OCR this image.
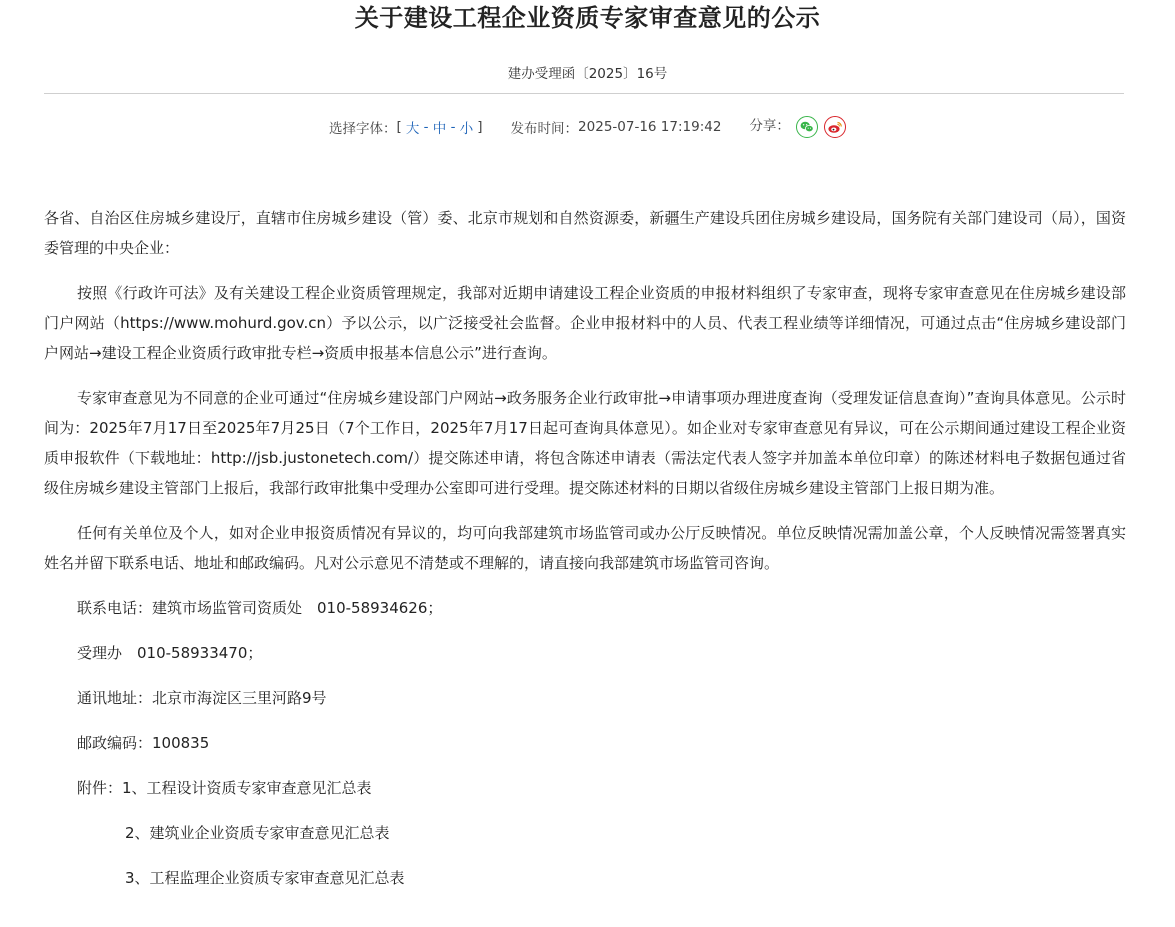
关于建设工程企业资质专家审查意见的公示
建办受理函〔2025〕16号
选择字体： [ 大 - 中 - 小 ] 发布时间： 2025-07-16 17:19:42 分享：

各省、自治区住房城乡建设厅，直辖市住房城乡建设（管）委、北京市规划和自然资源委，新疆生产建设兵团住房城乡建设局，国务院有关部门建设司（局），国资委管理的中央企业：

按照《行政许可法》及有关建设工程企业资质管理规定，我部对近期申请建设工程企业资质的申报材料组织了专家审查，现将专家审查意见在住房城乡建设部门户网站（https://www.mohurd.gov.cn）予以公示，以广泛接受社会监督。企业申报材料中的人员、代表工程业绩等详细情况，可通过点击“住房城乡建设部门户网站→建设工程企业资质行政审批专栏→资质申报基本信息公示”进行查询。

专家审查意见为不同意的企业可通过“住房城乡建设部门户网站→政务服务企业行政审批→申请事项办理进度查询（受理发证信息查询）”查询具体意见。公示时间为：2025年7月17日至2025年7月25日（7个工作日，2025年7月17日起可查询具体意见）。如企业对专家审查意见有异议，可在公示期间通过建设工程企业资质申报软件（下载地址：http://jsb.justonetech.com/）提交陈述申请，将包含陈述申请表（需法定代表人签字并加盖本单位印章）的陈述材料电子数据包通过省级住房城乡建设主管部门上报后，我部行政审批集中受理办公室即可进行受理。提交陈述材料的日期以省级住房城乡建设主管部门上报日期为准。

任何有关单位及个人，如对企业申报资质情况有异议的，均可向我部建筑市场监管司或办公厅反映情况。单位反映情况需加盖公章，个人反映情况需签署真实姓名并留下联系电话、地址和邮政编码。凡对公示意见不清楚或不理解的，请直接向我部建筑市场监管司咨询。

联系电话：建筑市场监管司资质处　010-58934626；
受理办　010-58933470；
通讯地址：北京市海淀区三里河路9号
邮政编码：100835
附件：1、工程设计资质专家审查意见汇总表
2、建筑业企业资质专家审查意见汇总表
3、工程监理企业资质专家审查意见汇总表
